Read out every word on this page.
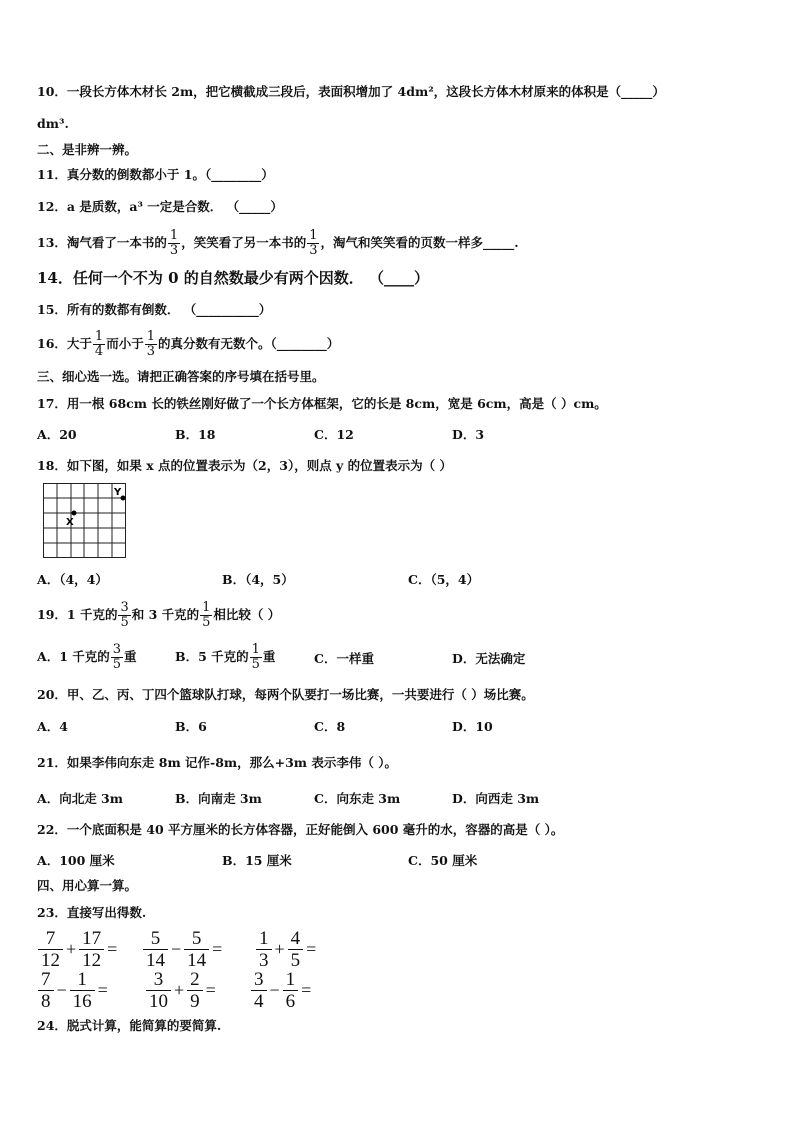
10．一段长方体木材长 2m，把它横截成三段后，表面积增加了 4dm²，这段长方体木材原来的体积是（_____）
dm³.
二、是非辨一辨。
11．真分数的倒数都小于 1。（________）
12．a 是质数，a³ 一定是合数． （_____）
13．淘气看了一本书的 $\frac{1}{3}$ ，笑笑看了另一本书的 $\frac{1}{3}$ ，淘气和笑笑看的页数一样多_____.
14．任何一个不为 0 的自然数最少有两个因数． （____）
15．所有的数都有倒数． （__________）
16．大于 $\frac{1}{4}$ 而小于 $\frac{1}{3}$ 的真分数有无数个。（________）
三、细心选一选。请把正确答案的序号填在括号里。
17．用一根 68cm 长的铁丝刚好做了一个长方体框架，它的长是 8cm，宽是 6cm，高是（ ）cm。
A．20	B．18	C．12	D．3
18．如下图，如果 x 点的位置表示为（2，3），则点 y 的位置表示为（ ）
X
Y
A．（4，4）	B．（4，5）	C．（5，4）
19．1 千克的 $\frac{3}{5}$ 和 3 千克的 $\frac{1}{5}$ 相比较（ ）
A．1 千克的 $\frac{3}{5}$ 重	B．5 千克的 $\frac{1}{5}$ 重	C．一样重	D．无法确定
20．甲、乙、丙、丁四个篮球队打球，每两个队要打一场比赛，一共要进行（ ）场比赛。
A．4	B．6	C．8	D．10
21．如果李伟向东走 8m 记作-8m，那么+3m 表示李伟（ ）。
A．向北走 3m	B．向南走 3m	C．向东走 3m	D．向西走 3m
22．一个底面积是 40 平方厘米的长方体容器，正好能倒入 600 毫升的水，容器的高是（ ）。
A．100 厘米	B．15 厘米	C．50 厘米
四、用心算一算。
23．直接写出得数.
$\frac{7}{12} + \frac{17}{12} = \frac{5}{14} - \frac{5}{14} = \frac{1}{3} + \frac{4}{5}$ =
$\frac{7}{8} - \frac{1}{16} = \frac{3}{10} + \frac{2}{9} = \frac{3}{4} - \frac{1}{6}$ =
24．脱式计算，能简算的要简算.
